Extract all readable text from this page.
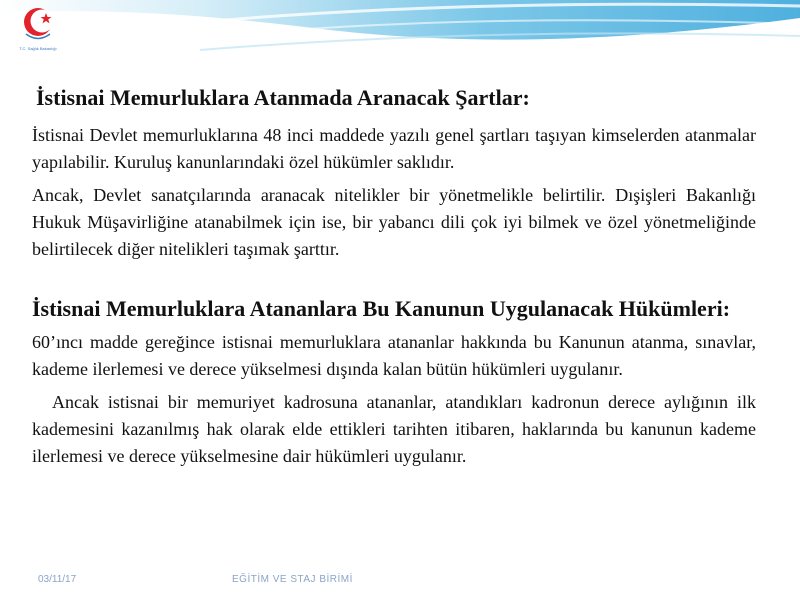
T.C. Sağlık Bakanlığı
İstisnai Memurluklara Atanmada Aranacak Şartlar:

İstisnai Devlet memurluklarına 48 inci maddede yazılı genel şartları taşıyan kimselerden atanmalar yapılabilir. Kuruluş kanunlarındaki özel hükümler saklıdır.

Ancak, Devlet sanatçılarında aranacak nitelikler bir yönetmelikle belirtilir. Dışişleri Bakanlığı Hukuk Müşavirliğine atanabilmek için ise, bir yabancı dili çok iyi bilmek ve özel yönetmeliğinde belirtilecek diğer nitelikleri taşımak şarttır.

İstisnai Memurluklara Atananlara Bu Kanunun Uygulanacak Hükümleri:

60’ıncı madde gereğince istisnai memurluklara atananlar hakkında bu Kanunun atanma, sınavlar, kademe ilerlemesi ve derece yükselmesi dışında kalan bütün hükümleri uygulanır.

Ancak istisnai bir memuriyet kadrosuna atananlar, atandıkları kadronun derece aylığının ilk kademesini kazanılmış hak olarak elde ettikleri tarihten itibaren, haklarında bu kanunun kademe ilerlemesi ve derece yükselmesine dair hükümleri uygulanır.

03/11/17	EĞİTİM VE STAJ BİRİMİ
